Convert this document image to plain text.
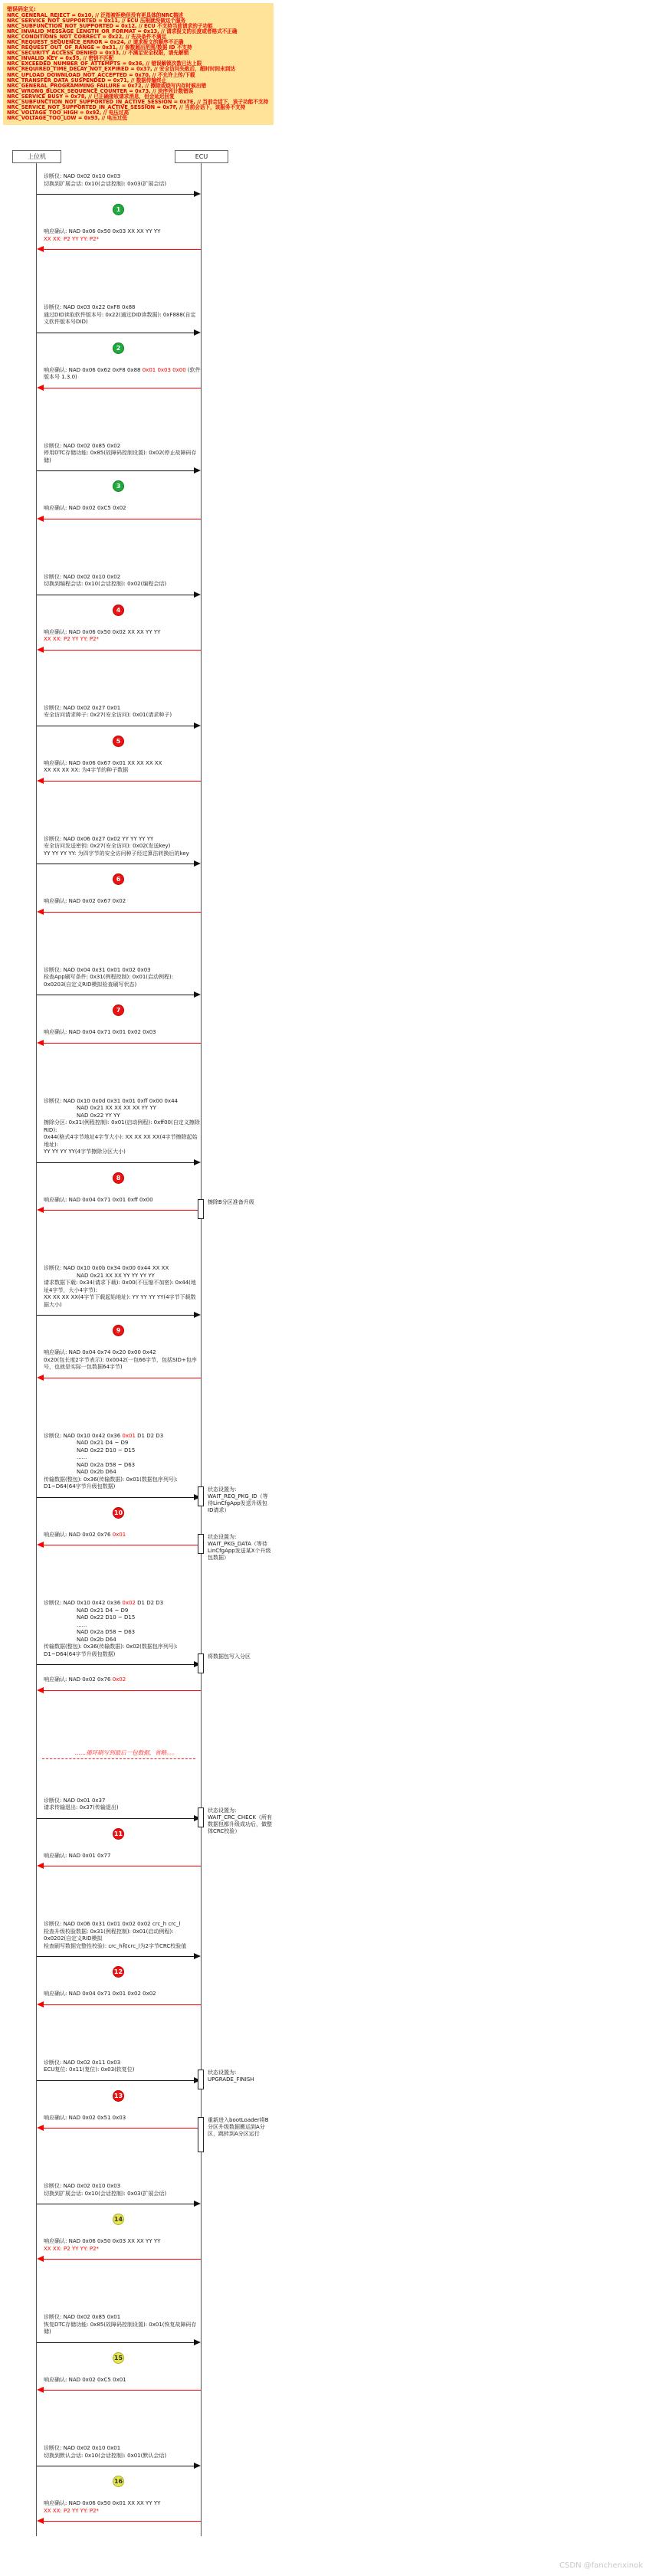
错误码定义:
NRC_GENERAL_REJECT = 0x10, // 泛指被拒绝但没有更具体的NRC描述
NRC_SERVICE_NOT_SUPPORTED = 0x11, // ECU 压根就没做这个服务
NRC_SUBFUNCTION_NOT_SUPPORTED = 0x12, // ECU 不支持当前请求的子功能
NRC_INVALID_MESSAGE_LENGTH_OR_FORMAT = 0x13, // 请求报文的长度或者格式不正确
NRC_CONDITIONS_NOT_CORRECT = 0x22, // 先决条件不满足
NRC_REQUEST_SEQUENCE_ERROR = 0x24, // 请求报文的顺序不正确
NRC_REQUEST_OUT_OF_RANGE = 0x31, // 参数超出范围/数据 ID 不支持
NRC_SECURITY_ACCESS_DENIED = 0x33, // 不满足安全权限，请先解锁
NRC_INVALID_KEY = 0x35, // 密钥不匹配
NRC_EXCEEDED_NUMBER_OF_ATTEMPTS = 0x36, // 错误解锁次数已达上限
NRC_REQUIRED_TIME_DELAY_NOT_EXPIRED = 0x37, // 安全访问失败后，超时时间未到达
NRC_UPLOAD_DOWNLOAD_NOT_ACCEPTED = 0x70, // 不允许上传/下载
NRC_TRANSFER_DATA_SUSPENDED = 0x71, // 数据传输终止
NRC_GENERAL_PROGRAMMING_FAILURE = 0x72, // 擦除或烧写内存时候出错
NRC_WRONG_BLOCK_SEQUENCE_COUNTER = 0x73, // 块序列计数错误
NRC_SERVICE_BUSY = 0x78, // 已正确接收请求消息，但会延迟回复
NRC_SUBFUNCTION_NOT_SUPPORTED_IN_ACTIVE_SESSION = 0x7E, // 当前会话下，该子功能不支持
NRC_SERVICE_NOT_SUPPORTED_IN_ACTIVE_SESSION = 0x7F, // 当前会话下，该服务不支持
NRC_VOLTAGE_TOO_HIGH = 0x92, // 电压过高
NRC_VOLTAGE_TOO_LOW = 0x93, // 电压过低
上位机	ECU
诊断仪: NAD 0x02 0x10 0x03
切换到扩展会话: 0x10(会话控制): 0x03(扩展会话)
1
响应确认: NAD 0x06 0x50 0x03 XX XX YY YY
XX XX: P2 YY YY: P2*
诊断仪: NAD 0x03 0x22 0xF8 0x88
通过DID读取软件版本号: 0x22(通过DID读数据): 0xF888(自定义软件版本号DID)
2
响应确认: NAD 0x06 0x62 0xF8 0x88 0x01 0x03 0x00 (软件版本号 1.3.0)
诊断仪: NAD 0x02 0x85 0x02
停用DTC存储功能: 0x85(故障码控制设置): 0x02(停止故障码存储)
3
响应确认: NAD 0x02 0xC5 0x02
诊断仪: NAD 0x02 0x10 0x02
切换到编程会话: 0x10(会话控制): 0x02(编程会话)
4
响应确认: NAD 0x06 0x50 0x02 XX XX YY YY
XX XX: P2 YY YY: P2*
诊断仪: NAD 0x02 0x27 0x01
安全访问请求种子: 0x27(安全访问): 0x01(请求种子)
5
响应确认: NAD 0x06 0x67 0x01 XX XX XX XX
XX XX XX XX: 为4字节的种子数据
诊断仪: NAD 0x06 0x27 0x02 YY YY YY YY
安全访问发送密钥: 0x27(安全访问): 0x02(发送key)
YY YY YY YY: 为四字节的安全访问种子经过算法转换后的key
6
响应确认: NAD 0x02 0x67 0x02
诊断仪: NAD 0x04 0x31 0x01 0x02 0x03
检查App刷写条件: 0x31(例程控制): 0x01(启动例程): 0x0203(自定义RID模拟检查刷写状态)
7
响应确认: NAD 0x04 0x71 0x01 0x02 0x03
诊断仪: NAD 0x10 0x0d 0x31 0x01 0xff 0x00 0x44
NAD 0x21 XX XX XX XX YY YY
NAD 0x22 YY YY
擦除分区: 0x31(例程控制): 0x01(启动例程): 0xff00(自定义擦除RID):
0x44(格式4字节地址4字节大小): XX XX XX XX(4字节擦除起始地址):
YY YY YY YY(4字节擦除分区大小)
8
响应确认: NAD 0x04 0x71 0x01 0xff 0x00	擦除B分区准备升级
诊断仪: NAD 0x10 0x0b 0x34 0x00 0x44 XX XX
NAD 0x21 XX XX YY YY YY YY
请求数据下载: 0x34(请求下载): 0x00(不压缩不加密): 0x44(地址4字节，大小4字节):
XX XX XX XX(4字节下载起始地址): YY YY YY YY(4字节下载数据大小)
9
响应确认: NAD 0x04 0x74 0x20 0x00 0x42
0x20(包长度2字节表示): 0x0042(一包66字节，包括SID+包序号，也就是实际一包数据64字节)
诊断仪: NAD 0x10 0x42 0x36 0x01 D1 D2 D3
NAD 0x21 D4 ~ D9
NAD 0x22 D10 ~ D15
......
NAD 0x2a D58 ~ D63
NAD 0x2b D64
传输数据(整包): 0x36(传输数据): 0x01(数据包序列号): D1~D64(64字节升级包数据)	状态设置为: WAIT_REQ_PKG_ID（等待LinCfgApp发送升级包ID请求）
10
响应确认: NAD 0x02 0x76 0x01	状态设置为: WAIT_PKG_DATA（等待LinCfgApp发送某X个升级包数据）
诊断仪: NAD 0x10 0x42 0x36 0x02 D1 D2 D3
NAD 0x21 D4 ~ D9
NAD 0x22 D10 ~ D15
......
NAD 0x2a D58 ~ D63
NAD 0x2b D64
传输数据(整包): 0x36(传输数据): 0x02(数据包序列号): D1~D64(64字节升级包数据)	将数据包写入分区
响应确认: NAD 0x02 0x76 0x02
......循环刷写到最后一包数据，省略。。。
诊断仪: NAD 0x01 0x37
请求传输退出: 0x37(传输退出)	状态设置为: WAIT_CRC_CHECK（所有数据包都升级成功后，做整体CRC校验）
11
响应确认: NAD 0x01 0x77
诊断仪: NAD 0x06 0x31 0x01 0x02 0x02 crc_h crc_l
检查升级校验数据: 0x31(例程控制): 0x01(启动例程): 0x0202(自定义RID模拟
检查刷写数据完整性校验): crc_h和crc_l为2字节CRC校验值
12
响应确认: NAD 0x04 0x71 0x01 0x02 0x02
诊断仪: NAD 0x02 0x11 0x03
ECU复位: 0x11(复位): 0x03(软复位)	状态设置为: UPGRADE_FINISH
13
响应确认: NAD 0x02 0x51 0x03	重新进入bootLoader将B分区升级数据搬运到A分区，跳转到A分区运行
诊断仪: NAD 0x02 0x10 0x03
切换到扩展会话: 0x10(会话控制): 0x03(扩展会话)
14
响应确认: NAD 0x06 0x50 0x03 XX XX YY YY
XX XX: P2 YY YY: P2*
诊断仪: NAD 0x02 0x85 0x01
恢复DTC存储功能: 0x85(故障码控制设置): 0x01(恢复故障码存储)
15
响应确认: NAD 0x02 0xC5 0x01
诊断仪: NAD 0x02 0x10 0x01
切换到默认会话: 0x10(会话控制): 0x01(默认会话)
16
响应确认: NAD 0x06 0x50 0x01 XX XX YY YY
XX XX: P2 YY YY: P2*
CSDN @fanchenxinok
